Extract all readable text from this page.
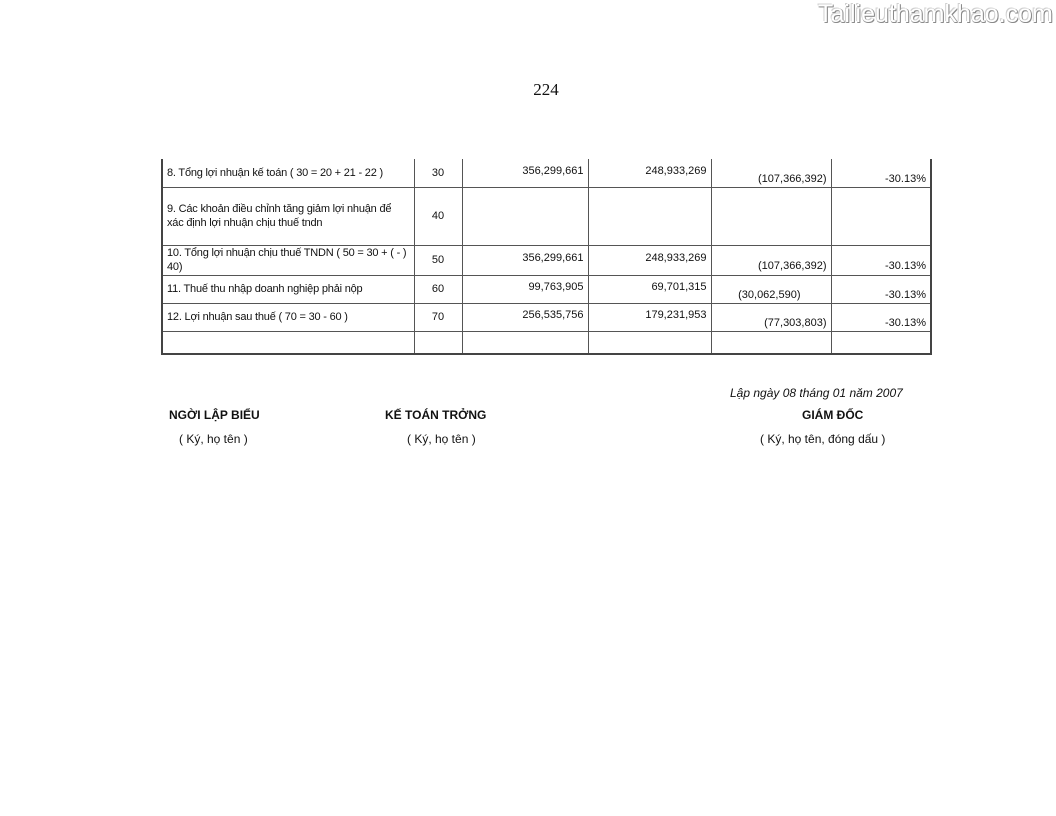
Tailieuthamkhao.com
224
8. Tổng lợi nhuận kế toán ( 30 = 20 + 21 - 22 )	30	356,299,661	248,933,269	(107,366,392)	-30.13%

9. Các khoản điều chỉnh tăng giảm lợi nhuận để xác định lợi nhuận chịu thuế tndn	40	

10. Tổng lợi nhuận chịu thuế TNDN ( 50 = 30 + ( - ) 40)	50	356,299,661	248,933,269	(107,366,392)	-30.13%

11. Thuế thu nhập doanh nghiệp phải nộp	60	99,763,905	69,701,315	(30,062,590)	-30.13%

12. Lợi nhuận sau thuế ( 70 = 30 - 60 )	70	256,535,756	179,231,953	(77,303,803)	-30.13%

Lập ngày 08 tháng 01 năm 2007
NGỜI LẬP BIỂU
( Ký, họ tên )
KẾ TOÁN TRỞNG
( Ký, họ tên )
GIÁM ĐỐC
( Ký, họ tên, đóng dấu )
